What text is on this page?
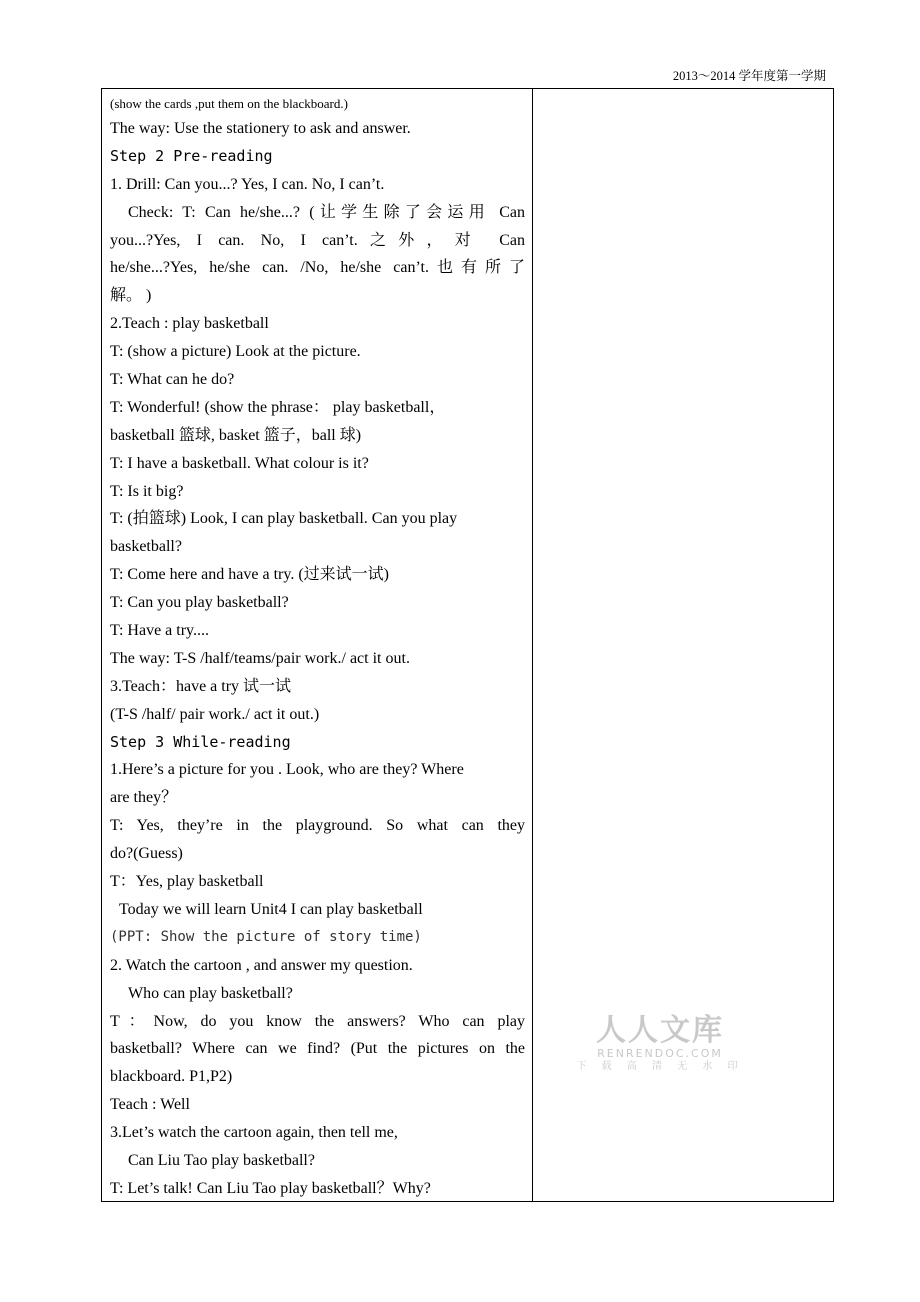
2013～2014 学年度第一学期
(show the cards ,put them on the blackboard.)
The way: Use the stationery to ask and answer.
Step 2 Pre-reading
1. Drill: Can you...? Yes, I can. No, I can’t.
Check: T: Can he/she...? (让学生除了会运用 Can
you...?Yes, I can. No, I can’t.之外，对 Can
he/she...?Yes, he/she can. /No, he/she can’t.也有所了
解。 )
2.Teach : play basketball
T: (show a picture) Look at the picture.
T: What can he do?
T: Wonderful! (show the phrase： play basketball，
basketball 篮球, basket 篮子，ball 球)
T: I have a basketball. What colour is it?
T: Is it big?
T: (拍篮球) Look, I can play basketball. Can you play
basketball?
T: Come here and have a try. (过来试一试)
T: Can you play basketball?
T: Have a try....
The way: T-S /half/teams/pair work./ act it out.
3.Teach：have a try 试一试
(T-S /half/ pair work./ act it out.)
Step 3 While-reading
1.Here’s a picture for you . Look, who are they? Where
are they？
T: Yes, they’re in the playground. So what can they
do?(Guess)
T：Yes, play basketball
Today we will learn Unit4 I can play basketball
(PPT: Show the picture of story time)
2. Watch the cartoon , and answer my question.
Who can play basketball?
T：Now, do you know the answers? Who can play
basketball? Where can we find? (Put the pictures on the
blackboard. P1,P2)
Teach : Well
3.Let’s watch the cartoon again, then tell me,
Can Liu Tao play basketball?
T: Let’s talk! Can Liu Tao play basketball？Why?
人人文库
RENRENDOC.COM
下 载 高 清 无 水 印
